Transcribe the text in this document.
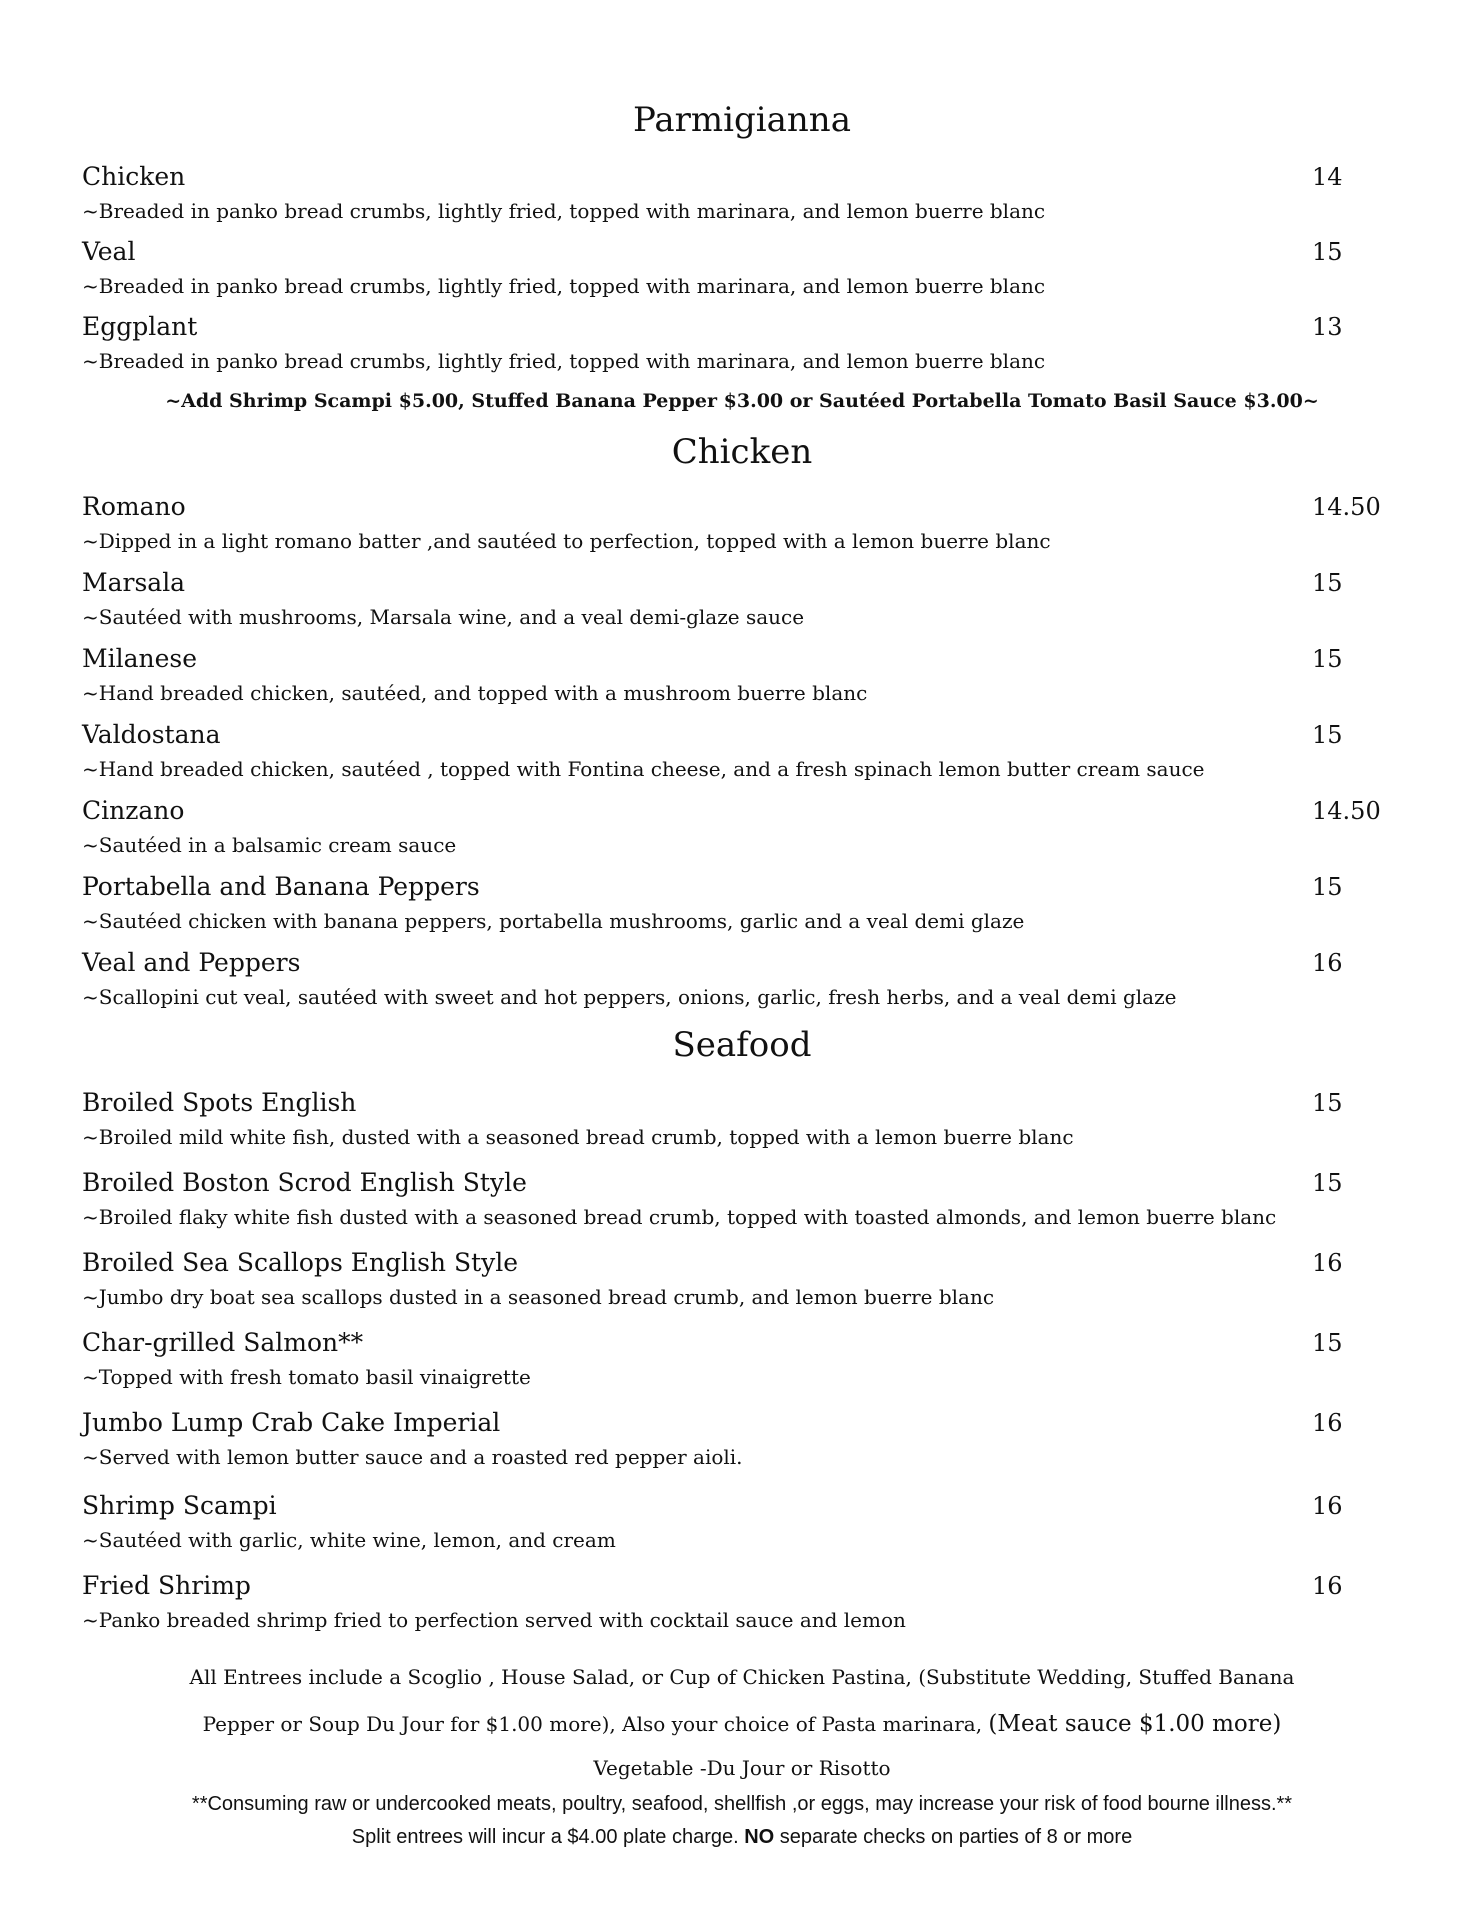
Parmigianna
Chicken	14
~Breaded in panko bread crumbs, lightly fried, topped with marinara, and lemon buerre blanc
Veal	15
~Breaded in panko bread crumbs, lightly fried, topped with marinara, and lemon buerre blanc
Eggplant	13
~Breaded in panko bread crumbs, lightly fried, topped with marinara, and lemon buerre blanc
~Add Shrimp Scampi $5.00, Stuffed Banana Pepper $3.00 or Sautéed Portabella Tomato Basil Sauce $3.00~
Chicken
Romano	14.50
~Dipped in a light romano batter ,and sautéed to perfection, topped with a lemon buerre blanc
Marsala	15
~Sautéed with mushrooms, Marsala wine, and a veal demi-glaze sauce
Milanese	15
~Hand breaded chicken, sautéed, and topped with a mushroom buerre blanc
Valdostana	15
~Hand breaded chicken, sautéed , topped with Fontina cheese, and a fresh spinach lemon butter cream sauce
Cinzano	14.50
~Sautéed in a balsamic cream sauce
Portabella and Banana Peppers	15
~Sautéed chicken with banana peppers, portabella mushrooms, garlic and a veal demi glaze
Veal and Peppers	16
~Scallopini cut veal, sautéed with sweet and hot peppers, onions, garlic, fresh herbs, and a veal demi glaze
Seafood
Broiled Spots English	15
~Broiled mild white fish, dusted with a seasoned bread crumb, topped with a lemon buerre blanc
Broiled Boston Scrod English Style	15
~Broiled flaky white fish dusted with a seasoned bread crumb, topped with toasted almonds, and lemon buerre blanc
Broiled Sea Scallops English Style	16
~Jumbo dry boat sea scallops dusted in a seasoned bread crumb, and lemon buerre blanc
Char-grilled Salmon**	15
~Topped with fresh tomato basil vinaigrette
Jumbo Lump Crab Cake Imperial	16
~Served with lemon butter sauce and a roasted red pepper aioli.
Shrimp Scampi	16
~Sautéed with garlic, white wine, lemon, and cream
Fried Shrimp	16
~Panko breaded shrimp fried to perfection served with cocktail sauce and lemon
All Entrees include a Scoglio , House Salad, or Cup of Chicken Pastina, (Substitute Wedding, Stuffed Banana
Pepper or Soup Du Jour for $1.00 more), Also your choice of Pasta marinara, (Meat sauce $1.00 more)
Vegetable -Du Jour or Risotto
**Consuming raw or undercooked meats, poultry, seafood, shellfish ,or eggs, may increase your risk of food bourne illness.**
Split entrees will incur a $4.00 plate charge. NO separate checks on parties of 8 or more
